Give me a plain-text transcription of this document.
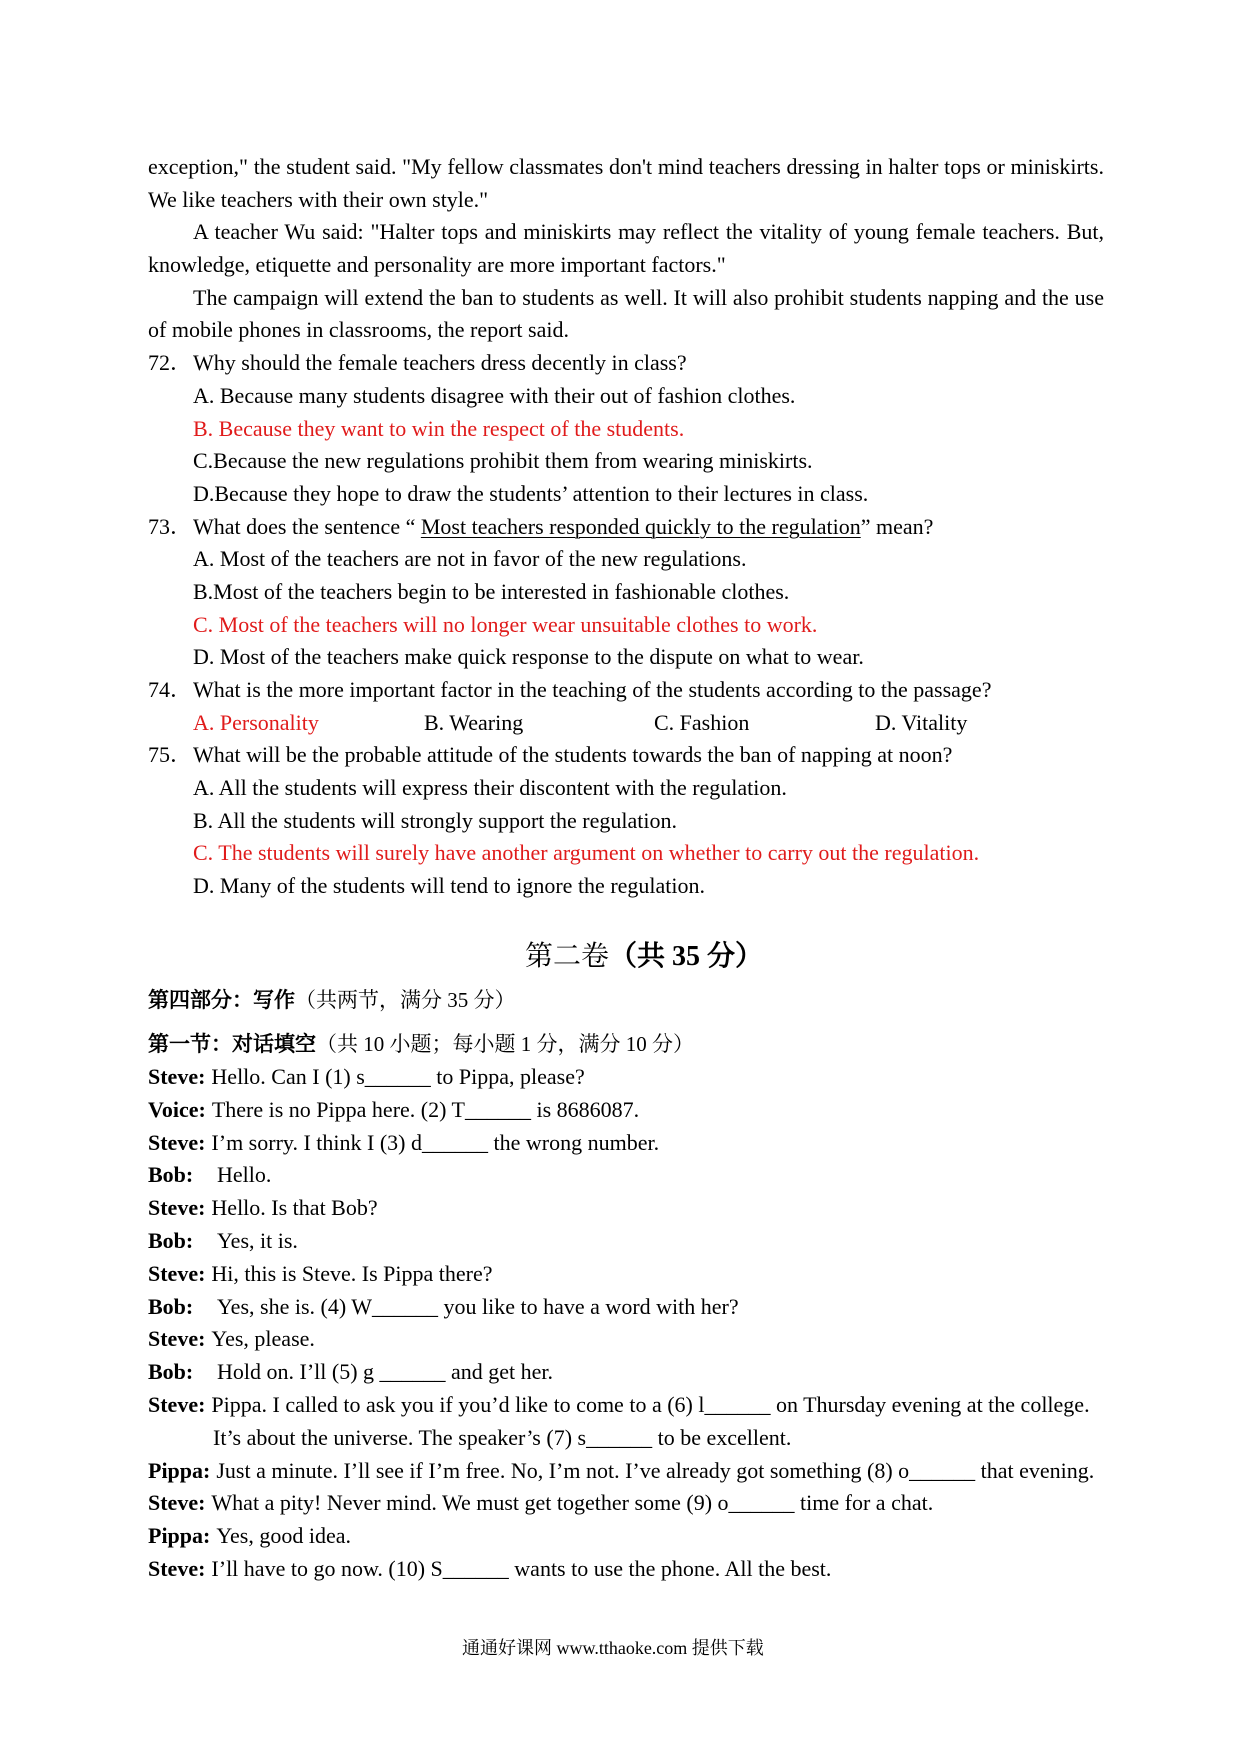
exception," the student said. "My fellow classmates don't mind teachers dressing in halter tops or miniskirts.
We like teachers with their own style."
A teacher Wu said: "Halter tops and miniskirts may reflect the vitality of young female teachers. But,
knowledge, etiquette and personality are more important factors."
The campaign will extend the ban to students as well. It will also prohibit students napping and the use
of mobile phones in classrooms, the report said.
72．Why should the female teachers dress decently in class?
A. Because many students disagree with their out of fashion clothes.
B. Because they want to win the respect of the students.
C.Because the new regulations prohibit them from wearing miniskirts.
D.Because they hope to draw the students’ attention to their lectures in class.
73．What does the sentence “ Most teachers responded quickly to the regulation” mean?
A. Most of the teachers are not in favor of the new regulations.
B.Most of the teachers begin to be interested in fashionable clothes.
C. Most of the teachers will no longer wear unsuitable clothes to work.
D. Most of the teachers make quick response to the dispute on what to wear.
74．What is the more important factor in the teaching of the students according to the passage?
A. Personality	B. Wearing	C. Fashion	D. Vitality
75．What will be the probable attitude of the students towards the ban of napping at noon?
A. All the students will express their discontent with the regulation.
B. All the students will strongly support the regulation.
C. The students will surely have another argument on whether to carry out the regulation.
D. Many of the students will tend to ignore the regulation.
第二卷（共 35 分）
第四部分：写作（共两节，满分 35 分）
第一节：对话填空（共 10 小题；每小题 1 分，满分 10 分）
Steve: Hello. Can I (1) s______ to Pippa, please?
Voice: There is no Pippa here. (2) T______ is 8686087.
Steve: I’m sorry. I think I (3) d______ the wrong number.
Bob: Hello.
Steve: Hello. Is that Bob?
Bob: Yes, it is.
Steve: Hi, this is Steve. Is Pippa there?
Bob: Yes, she is. (4) W______ you like to have a word with her?
Steve: Yes, please.
Bob: Hold on. I’ll (5) g ______ and get her.
Steve: Pippa. I called to ask you if you’d like to come to a (6) l______ on Thursday evening at the college.
It’s about the universe. The speaker’s (7) s______ to be excellent.
Pippa: Just a minute. I’ll see if I’m free. No, I’m not. I’ve already got something (8) o______ that evening.
Steve: What a pity! Never mind. We must get together some (9) o______ time for a chat.
Pippa: Yes, good idea.
Steve: I’ll have to go now. (10) S______ wants to use the phone. All the best.
通通好课网 www.tthaoke.com 提供下载
